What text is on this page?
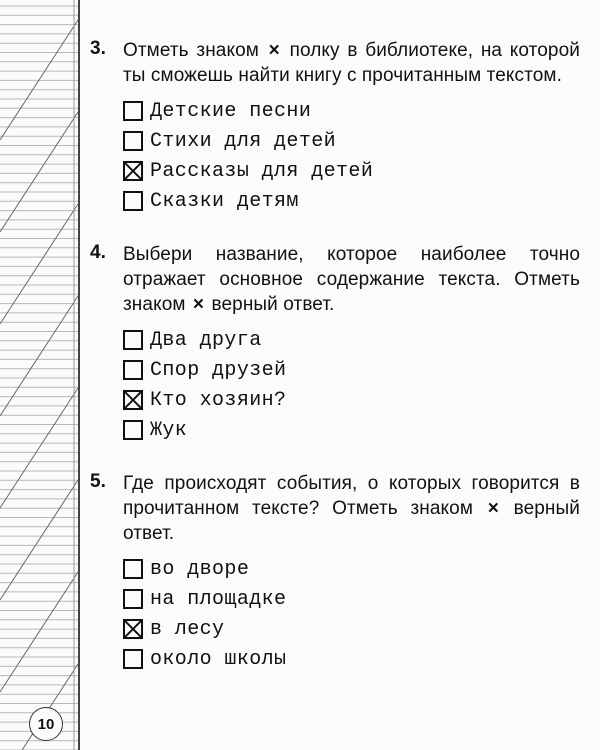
3. Отметь знаком × полку в библиотеке, на которой ты сможешь найти книгу с прочитанным текстом.
Детские песни
Стихи для детей
Рассказы для детей
Сказки детям
4. Выбери название, которое наиболее точно отражает основное содержание текста. Отметь знаком × верный ответ.
Два друга
Спор друзей
Кто хозяин?
Жук
5. Где происходят события, о которых говорится в прочитанном тексте? Отметь знаком × верный ответ.
во дворе
на площадке
в лесу
около школы
10
